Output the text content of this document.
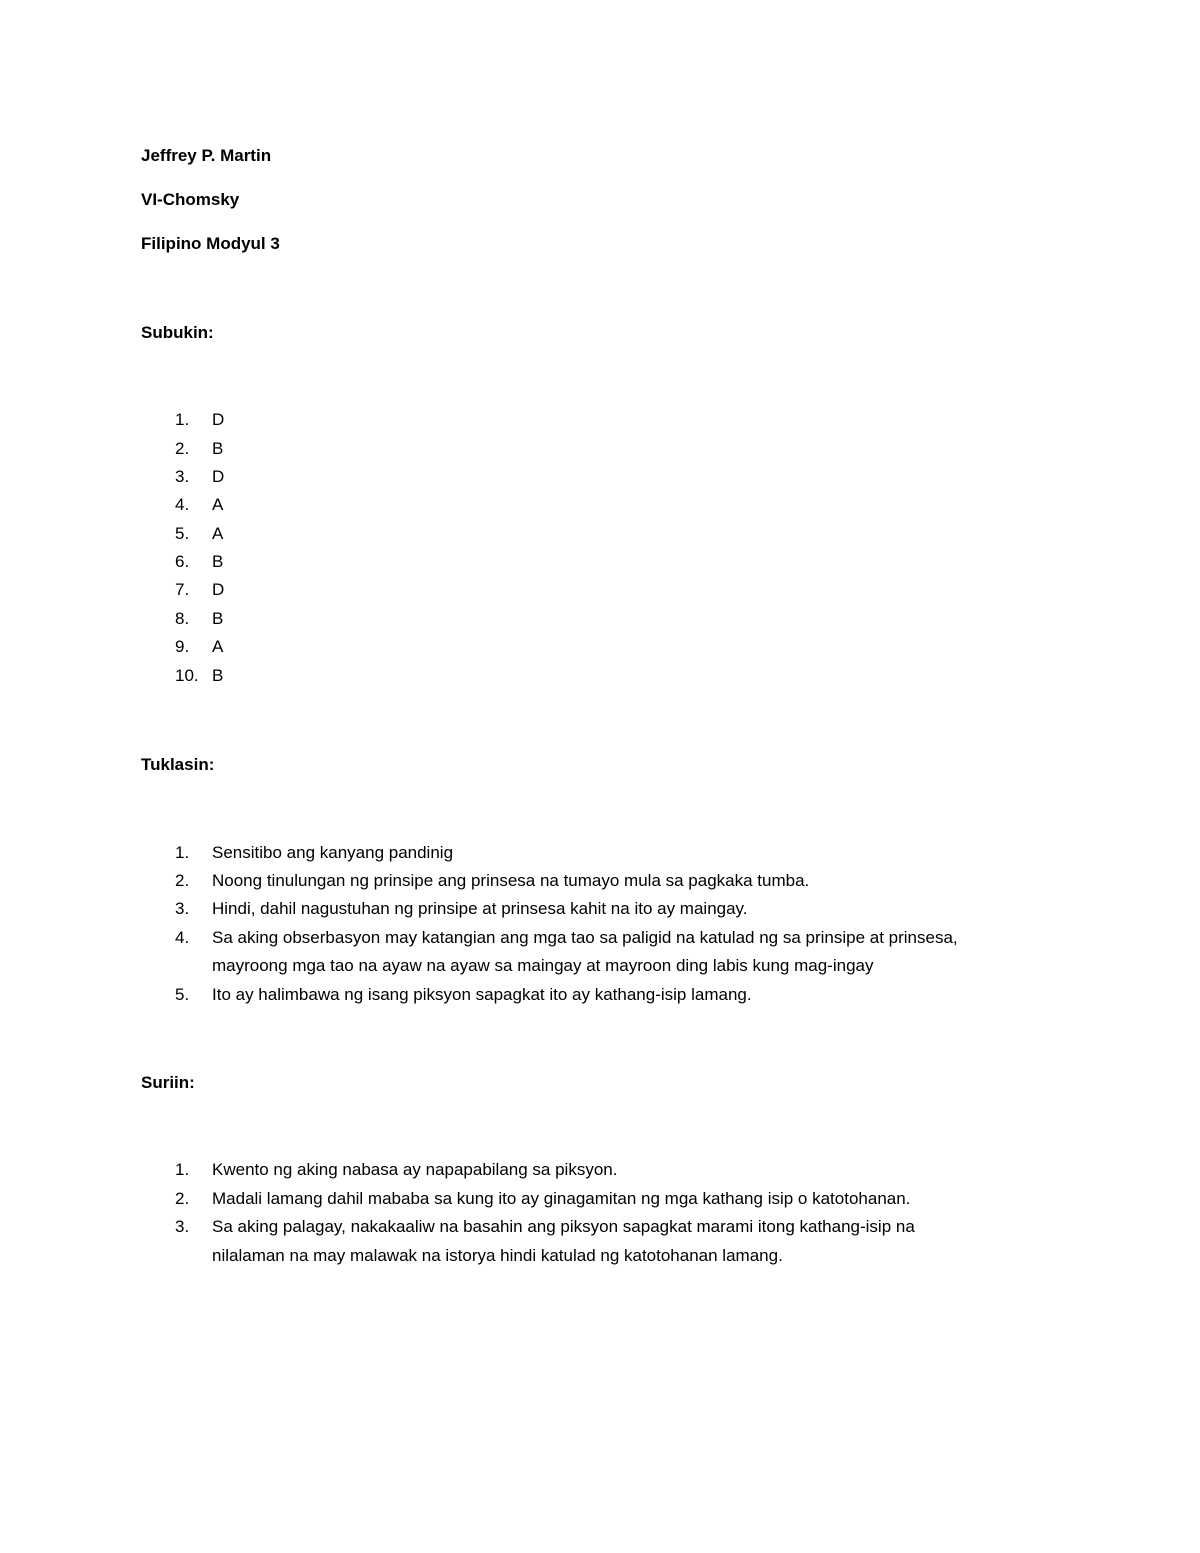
Jeffrey P. Martin
VI-Chomsky
Filipino Modyul 3
Subukin:
1. D
2. B
3. D
4. A
5. A
6. B
7. D
8. B
9. A
10. B
Tuklasin:
1. Sensitibo ang kanyang pandinig
2. Noong tinulungan ng prinsipe ang prinsesa na tumayo mula sa pagkaka tumba.
3. Hindi, dahil nagustuhan ng prinsipe at prinsesa kahit na ito ay maingay.
4. Sa aking obserbasyon may katangian ang mga tao sa paligid na katulad ng sa prinsipe at prinsesa,
mayroong mga tao na ayaw na ayaw sa maingay at mayroon ding labis kung mag-ingay
5. Ito ay halimbawa ng isang piksyon sapagkat ito ay kathang-isip lamang.
Suriin:
1. Kwento ng aking nabasa ay napapabilang sa piksyon.
2. Madali lamang dahil mababa sa kung ito ay ginagamitan ng mga kathang isip o katotohanan.
3. Sa aking palagay, nakakaaliw na basahin ang piksyon sapagkat marami itong kathang-isip na
nilalaman na may malawak na istorya hindi katulad ng katotohanan lamang.
